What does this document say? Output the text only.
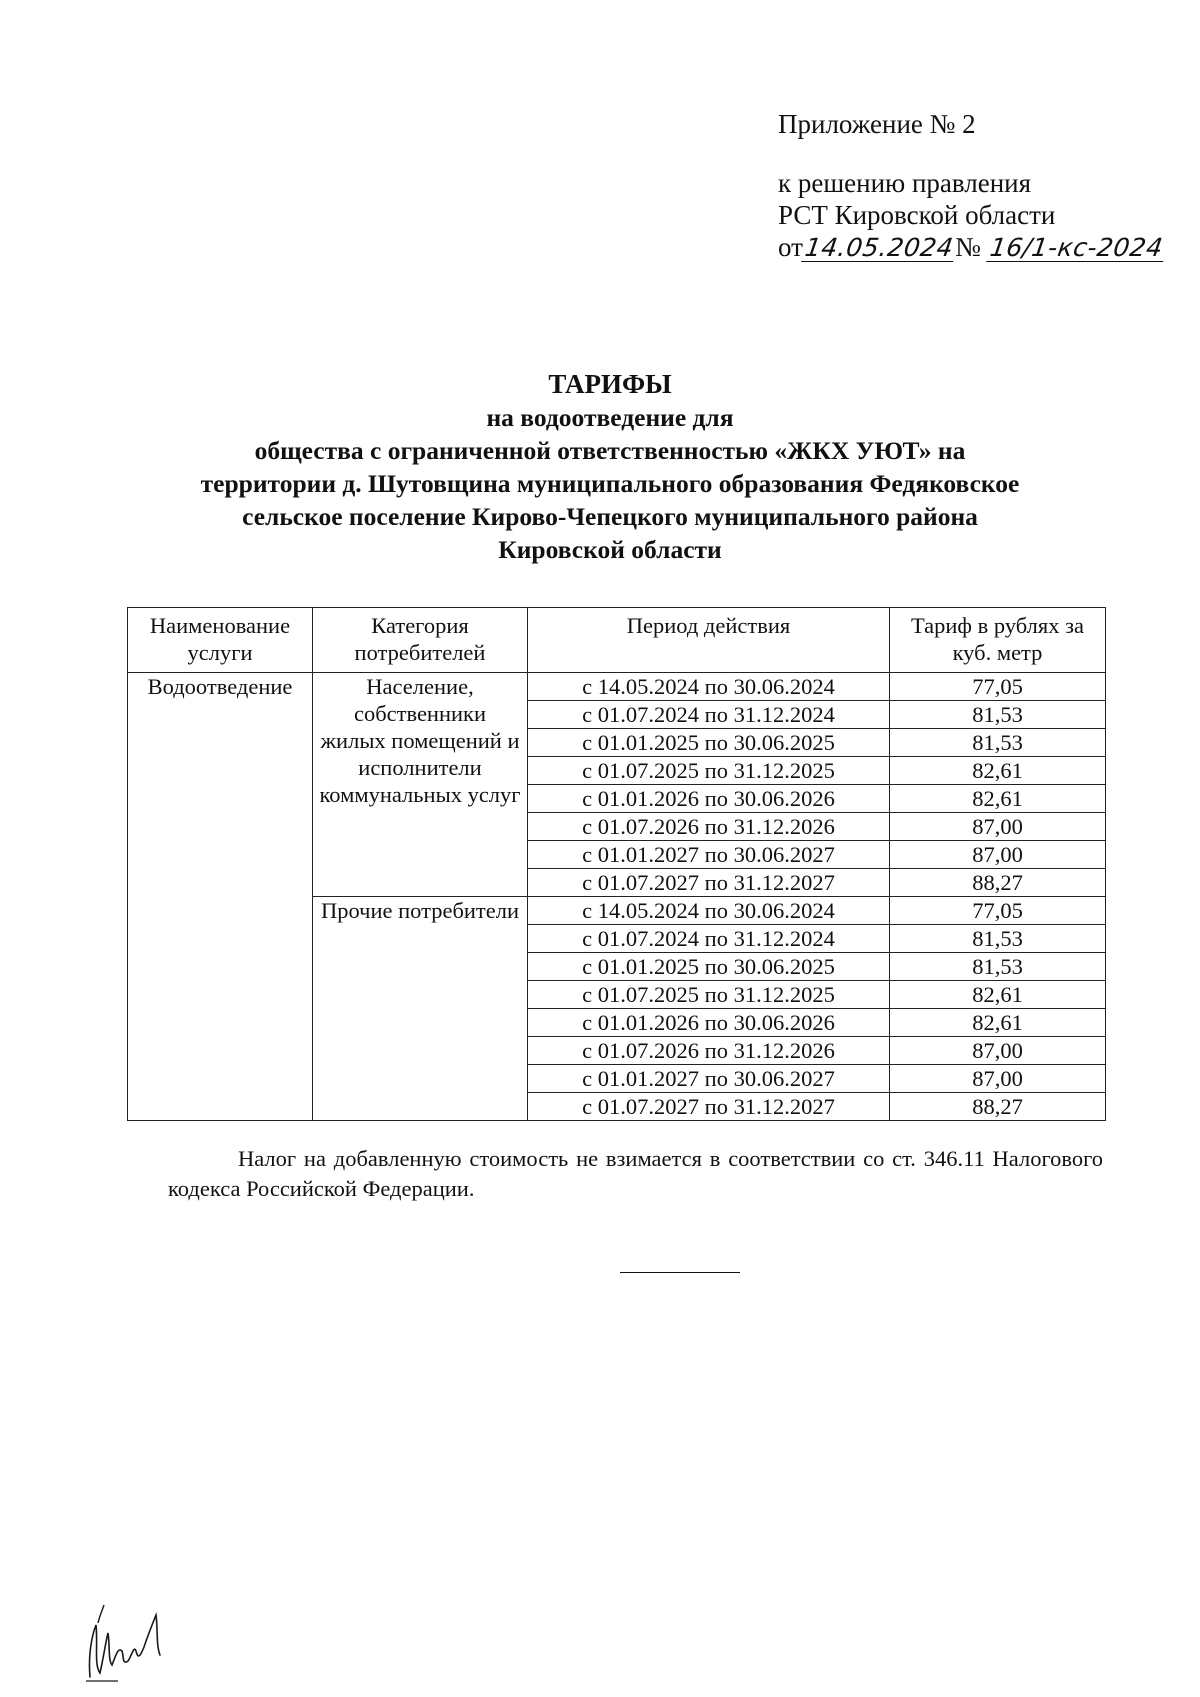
Приложение № 2
к решению правления
РСТ Кировской области
от14.05.2024№ 16/1-кс-2024
ТАРИФЫ
на водоотведение для
общества с ограниченной ответственностью «ЖКХ УЮТ» на
территории д. Шутовщина муниципального образования Федяковское
сельское поселение Кирово-Чепецкого муниципального района
Кировской области
Наименование услуги	Категория потребителей	Период действия	Тариф в рублях за куб. метр
Водоотведение	Население, собственники жилых помещений и исполнители коммунальных услуг	с 14.05.2024 по 30.06.2024	77,05
		с 01.07.2024 по 31.12.2024	81,53
		с 01.01.2025 по 30.06.2025	81,53
		с 01.07.2025 по 31.12.2025	82,61
		с 01.01.2026 по 30.06.2026	82,61
		с 01.07.2026 по 31.12.2026	87,00
		с 01.01.2027 по 30.06.2027	87,00
		с 01.07.2027 по 31.12.2027	88,27
	Прочие потребители	с 14.05.2024 по 30.06.2024	77,05
		с 01.07.2024 по 31.12.2024	81,53
		с 01.01.2025 по 30.06.2025	81,53
		с 01.07.2025 по 31.12.2025	82,61
		с 01.01.2026 по 30.06.2026	82,61
		с 01.07.2026 по 31.12.2026	87,00
		с 01.01.2027 по 30.06.2027	87,00
		с 01.07.2027 по 31.12.2027	88,27
Налог на добавленную стоимость не взимается в соответствии со ст. 346.11 Налогового кодекса Российской Федерации.
